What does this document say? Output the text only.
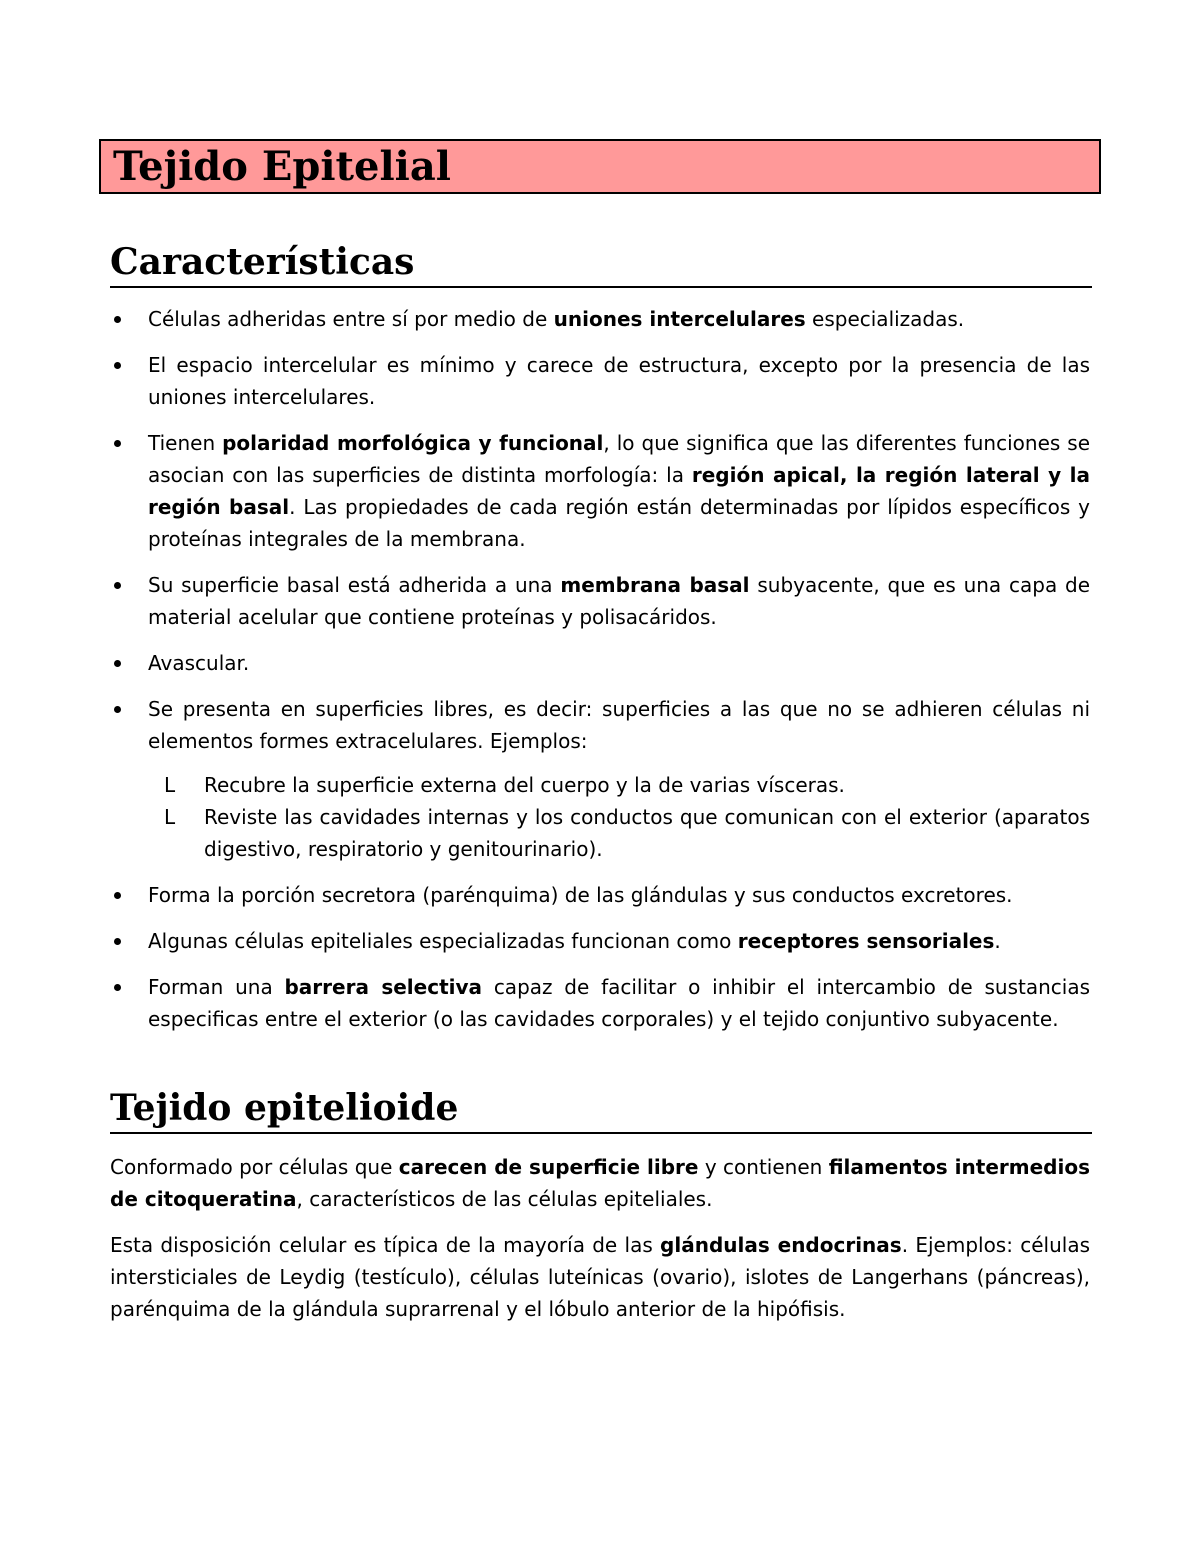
Tejido Epitelial
Características
Células adheridas entre sí por medio de uniones intercelulares especializadas.
El espacio intercelular es mínimo y carece de estructura, excepto por la presencia de las uniones intercelulares.
Tienen polaridad morfológica y funcional, lo que significa que las diferentes funciones se asocian con las superficies de distinta morfología: la región apical, la región lateral y la región basal. Las propiedades de cada región están determinadas por lípidos específicos y proteínas integrales de la membrana.
Su superficie basal está adherida a una membrana basal subyacente, que es una capa de material acelular que contiene proteínas y polisacáridos.
Avascular.
Se presenta en superficies libres, es decir: superficies a las que no se adhieren células ni elementos formes extracelulares. Ejemplos:
Ⅼ Recubre la superficie externa del cuerpo y la de varias vísceras.
Ⅼ Reviste las cavidades internas y los conductos que comunican con el exterior (aparatos digestivo, respiratorio y genitourinario).
Forma la porción secretora (parénquima) de las glándulas y sus conductos excretores.
Algunas células epiteliales especializadas funcionan como receptores sensoriales.
Forman una barrera selectiva capaz de facilitar o inhibir el intercambio de sustancias especificas entre el exterior (o las cavidades corporales) y el tejido conjuntivo subyacente.
Tejido epitelioide
Conformado por células que carecen de superficie libre y contienen filamentos intermedios de citoqueratina, característicos de las células epiteliales.
Esta disposición celular es típica de la mayoría de las glándulas endocrinas. Ejemplos: células intersticiales de Leydig (testículo), células luteínicas (ovario), islotes de Langerhans (páncreas), parénquima de la glándula suprarrenal y el lóbulo anterior de la hipófisis.
